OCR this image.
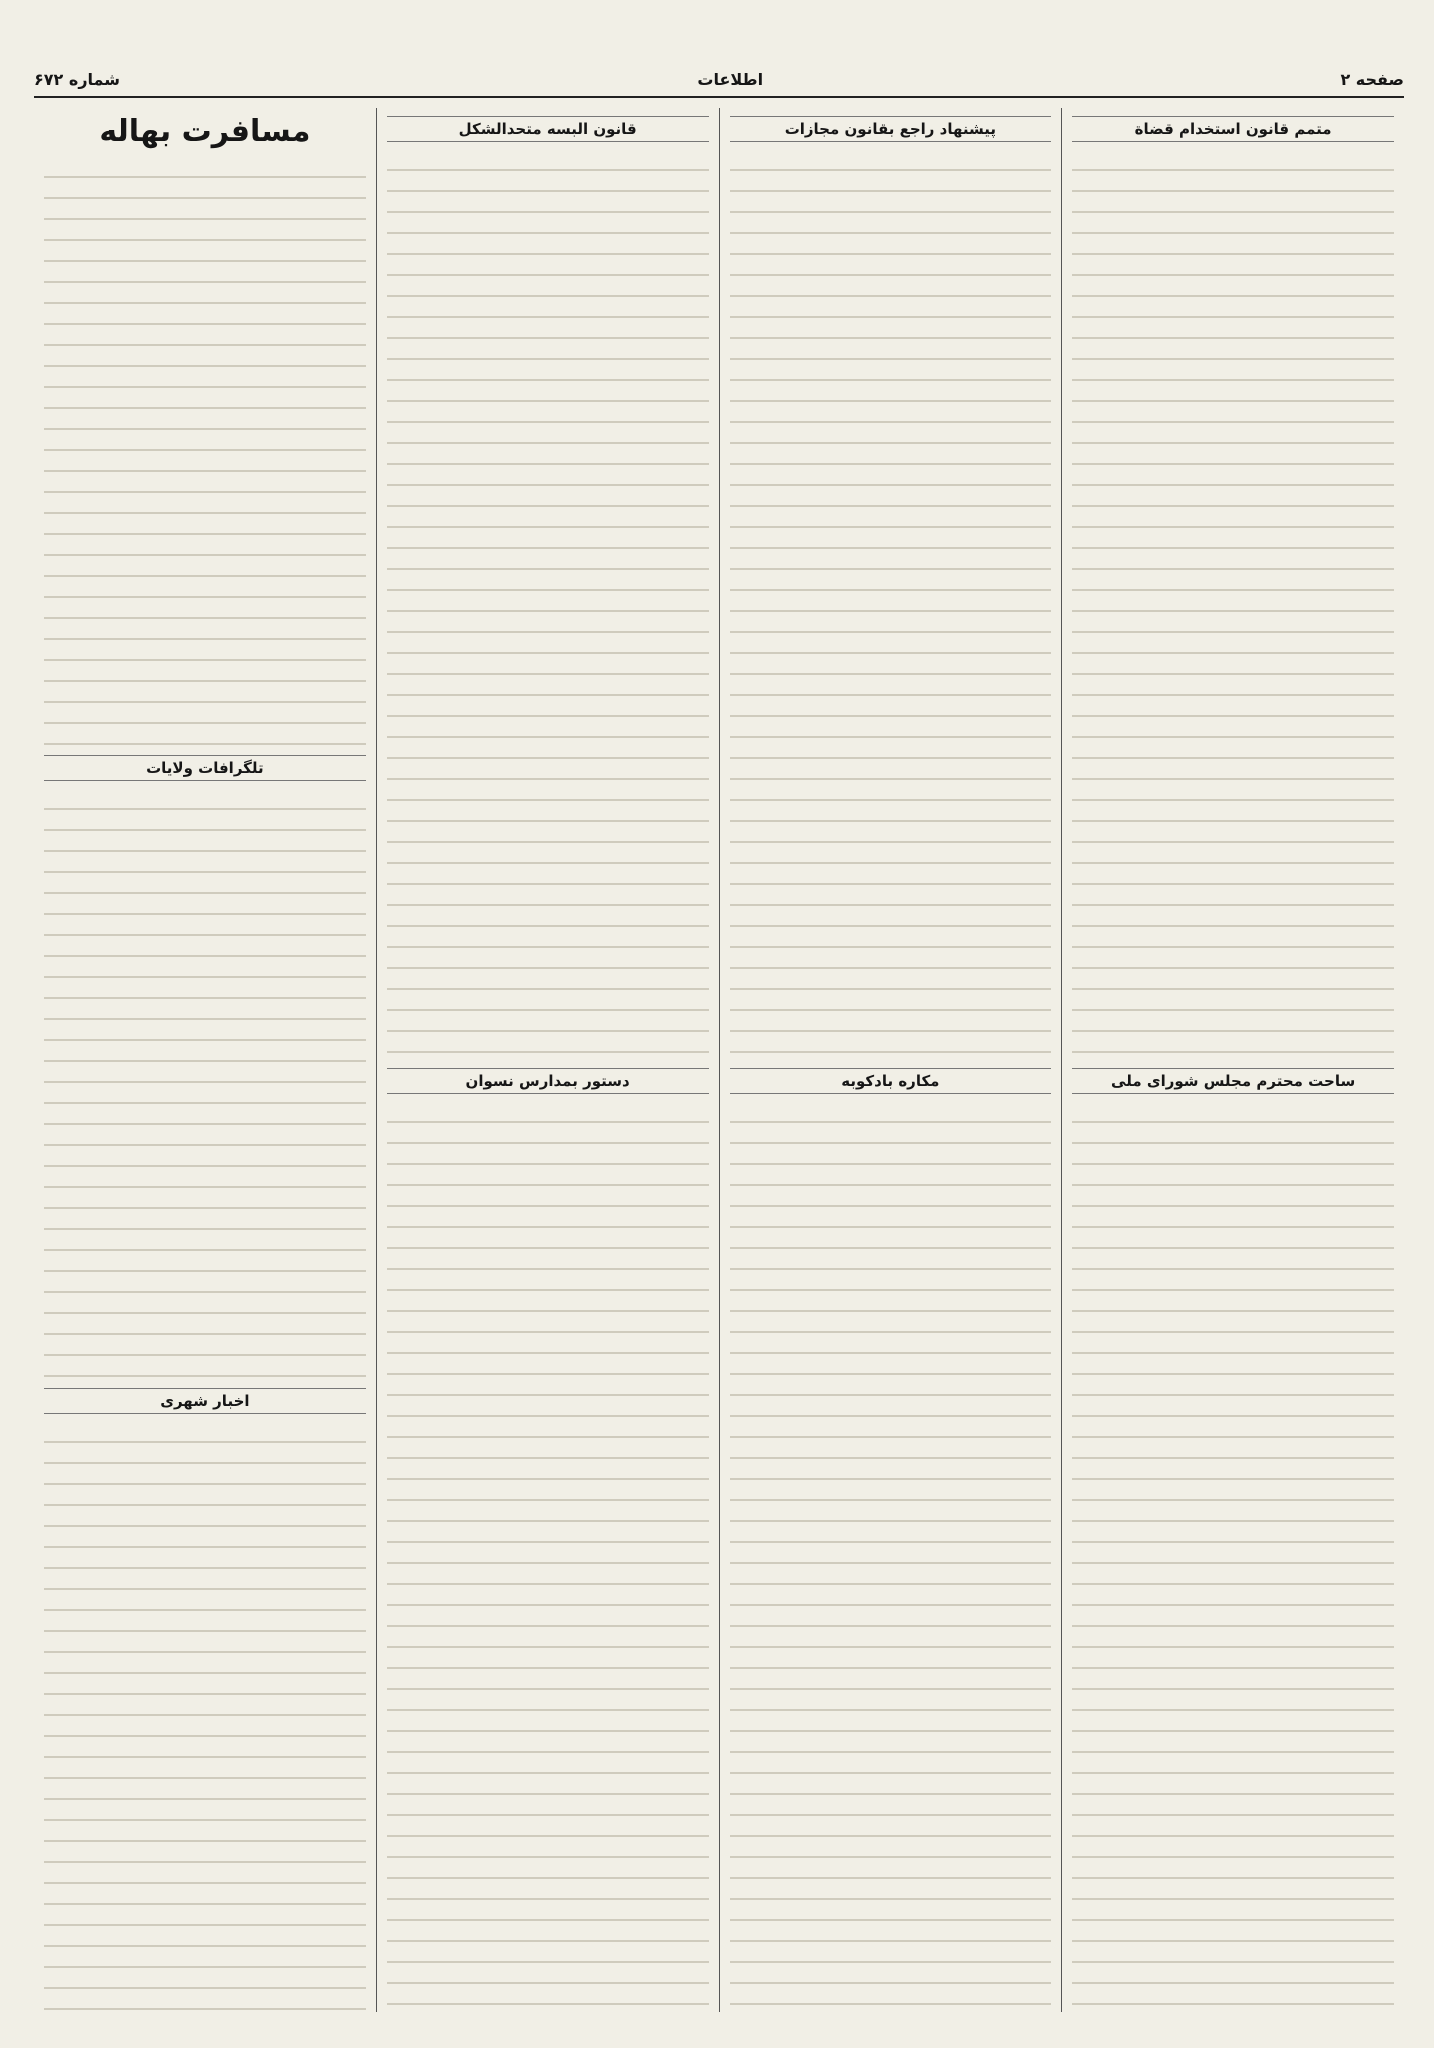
صفحه ۲
اطلاعات
شماره ۶۷۲
متمم قانون استخدام قضاة
ساحت محترم مجلس شورای ملی
پیشنهاد راجع بقانون مجازات
مکاره بادکوبه
قانون البسه متحدالشکل
دستور بمدارس نسوان
مسافرت بهاله
تلگرافات ولایات
اخبار شهری
